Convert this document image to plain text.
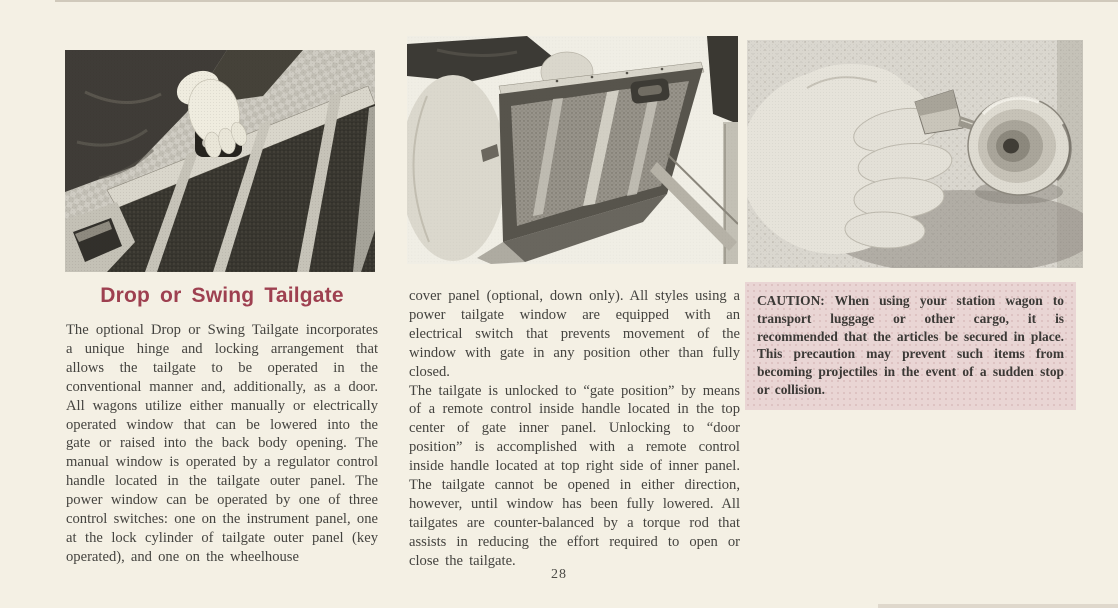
Drop or Swing Tailgate

The optional Drop or Swing Tailgate incorporates a unique hinge and locking arrangement that allows the tailgate to be operated in the conventional manner and, additionally, as a door. All wagons utilize either manually or electrically operated window that can be lowered into the gate or raised into the back body opening. The manual window is operated by a regulator control handle located in the tailgate outer panel. The power window can be operated by one of three control switches: one on the instrument panel, one at the lock cylinder of tailgate outer panel (key operated), and one on the wheelhouse

cover panel (optional, down only). All styles using a power tailgate window are equipped with an electrical switch that prevents movement of the window with gate in any position other than fully closed.

The tailgate is unlocked to “gate position” by means of a remote control inside handle located in the top center of gate inner panel. Unlocking to “door position” is accomplished with a remote control inside handle located at top right side of inner panel. The tailgate cannot be opened in either direction, however, until window has been fully lowered. All tailgates are counter-balanced by a torque rod that assists in reducing the effort required to open or close the tailgate.

CAUTION: When using your station wagon to transport luggage or other cargo, it is recommended that the articles be secured in place. This precaution may prevent such items from becoming projectiles in the event of a sudden stop or collision.
28
